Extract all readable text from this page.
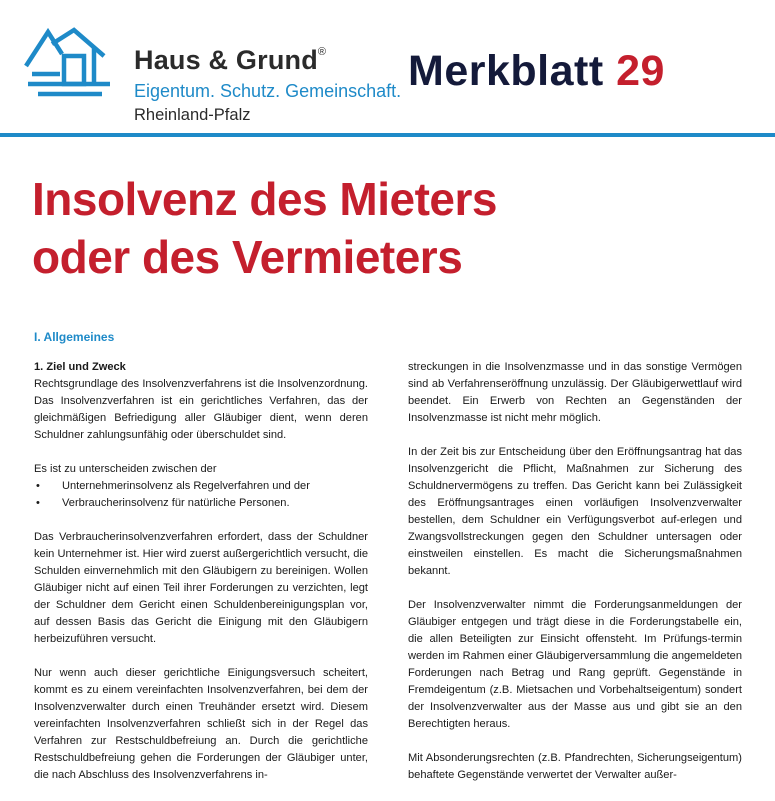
Haus & Grund®
Eigentum. Schutz. Gemeinschaft.
Rheinland-Pfalz
Merkblatt 29
Insolvenz des Mieters
oder des Vermieters
I. Allgemeines
1. Ziel und Zweck

Rechtsgrundlage des Insolvenzverfahrens ist die Insolvenzordnung. Das Insolvenzverfahren ist ein gerichtliches Verfahren, das der gleichmäßigen Befriedigung aller Gläubiger dient, wenn deren Schuldner zahlungsunfähig oder überschuldet sind.

Es ist zu unterscheiden zwischen der

• Unternehmerinsolvenz als Regelverfahren und der
• Verbraucherinsolvenz für natürliche Personen.

Das Verbraucherinsolvenzverfahren erfordert, dass der Schuldner kein Unternehmer ist. Hier wird zuerst außergerichtlich versucht, die Schulden einvernehmlich mit den Gläubigern zu bereinigen. Wollen Gläubiger nicht auf einen Teil ihrer Forderungen zu verzichten, legt der Schuldner dem Gericht einen Schuldenbereinigungsplan vor, auf dessen Basis das Gericht die Einigung mit den Gläubigern herbeizuführen versucht.

Nur wenn auch dieser gerichtliche Einigungsversuch scheitert, kommt es zu einem vereinfachten Insolvenzverfahren, bei dem der Insolvenzverwalter durch einen Treuhänder ersetzt wird. Diesem vereinfachten Insolvenzverfahren schließt sich in der Regel das Verfahren zur Restschuldbefreiung an. Durch die gerichtliche Restschuldbefreiung gehen die Forderungen der Gläubiger unter, die nach Abschluss des Insolvenzverfahrens in-

streckungen in die Insolvenzmasse und in das sonstige Vermögen sind ab Verfahrenseröffnung unzulässig. Der Gläubigerwettlauf wird beendet. Ein Erwerb von Rechten an Gegenständen der Insolvenzmasse ist nicht mehr möglich.

In der Zeit bis zur Entscheidung über den Eröffnungsantrag hat das Insolvenzgericht die Pflicht, Maßnahmen zur Sicherung des Schuldnervermögens zu treffen. Das Gericht kann bei Zulässigkeit des Eröffnungsantrages einen vorläufigen Insolvenzverwalter bestellen, dem Schuldner ein Verfügungsverbot auf-erlegen und Zwangsvollstreckungen gegen den Schuldner untersagen oder einstweilen einstellen. Es macht die Sicherungsmaßnahmen bekannt.

Der Insolvenzverwalter nimmt die Forderungsanmeldungen der Gläubiger entgegen und trägt diese in die Forderungstabelle ein, die allen Beteiligten zur Einsicht offensteht. Im Prüfungs-termin werden im Rahmen einer Gläubigerversammlung die angemeldeten Forderungen nach Betrag und Rang geprüft. Gegenstände in Fremdeigentum (z.B. Mietsachen und Vorbehaltseigentum) sondert der Insolvenzverwalter aus der Masse aus und gibt sie an den Berechtigten heraus.

Mit Absonderungsrechten (z.B. Pfandrechten, Sicherungseigentum) behaftete Gegenstände verwertet der Verwalter außer-
